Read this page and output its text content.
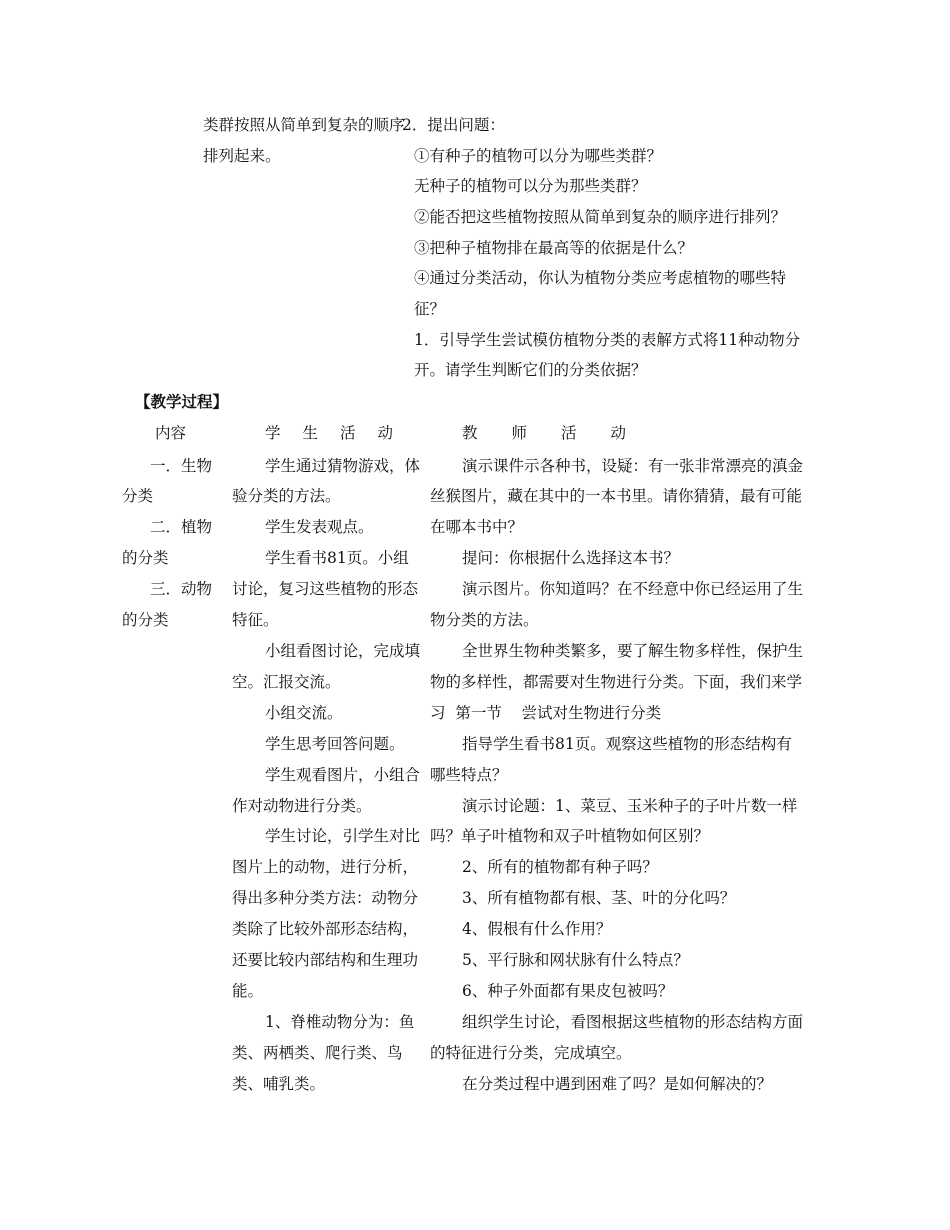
类群按照从简单到复杂的顺序
排列起来。
2．提出问题：
①有种子的植物可以分为哪些类群？
无种子的植物可以分为那些类群？
②能否把这些植物按照从简单到复杂的顺序进行排列？
③把种子植物排在最高等的依据是什么？
④通过分类活动，你认为植物分类应考虑植物的哪些特
征？
1．引导学生尝试模仿植物分类的表解方式将11种动物分
开。请学生判断它们的分类依据？
【教学过程】
内容	学生活动	教师活动
一．生物
分类
二．植物
的分类
三．动物
的分类
学生通过猜物游戏，体
验分类的方法。
学生发表观点。
学生看书81页。小组
讨论，复习这些植物的形态
特征。
小组看图讨论，完成填
空。汇报交流。
小组交流。
学生思考回答问题。
学生观看图片，小组合
作对动物进行分类。
学生讨论，引学生对比
图片上的动物，进行分析，
得出多种分类方法：动物分
类除了比较外部形态结构，
还要比较内部结构和生理功
能。
1、脊椎动物分为：鱼
类、两栖类、爬行类、鸟
类、哺乳类。
演示课件示各种书，设疑：有一张非常漂亮的滇金
丝猴图片，藏在其中的一本书里。请你猜猜，最有可能
在哪本书中？
提问：你根据什么选择这本书？
演示图片。你知道吗？在不经意中你已经运用了生
物分类的方法。
全世界生物种类繁多，要了解生物多样性，保护生
物的多样性，都需要对生物进行分类。下面，我们来学
习  第一节    尝试对生物进行分类
指导学生看书81页。观察这些植物的形态结构有
哪些特点？
演示讨论题：1、菜豆、玉米种子的子叶片数一样
吗？单子叶植物和双子叶植物如何区别？
2、所有的植物都有种子吗？
3、所有植物都有根、茎、叶的分化吗？
4、假根有什么作用？
5、平行脉和网状脉有什么特点？
6、种子外面都有果皮包被吗？
组织学生讨论，看图根据这些植物的形态结构方面
的特征进行分类，完成填空。
在分类过程中遇到困难了吗？是如何解决的？
